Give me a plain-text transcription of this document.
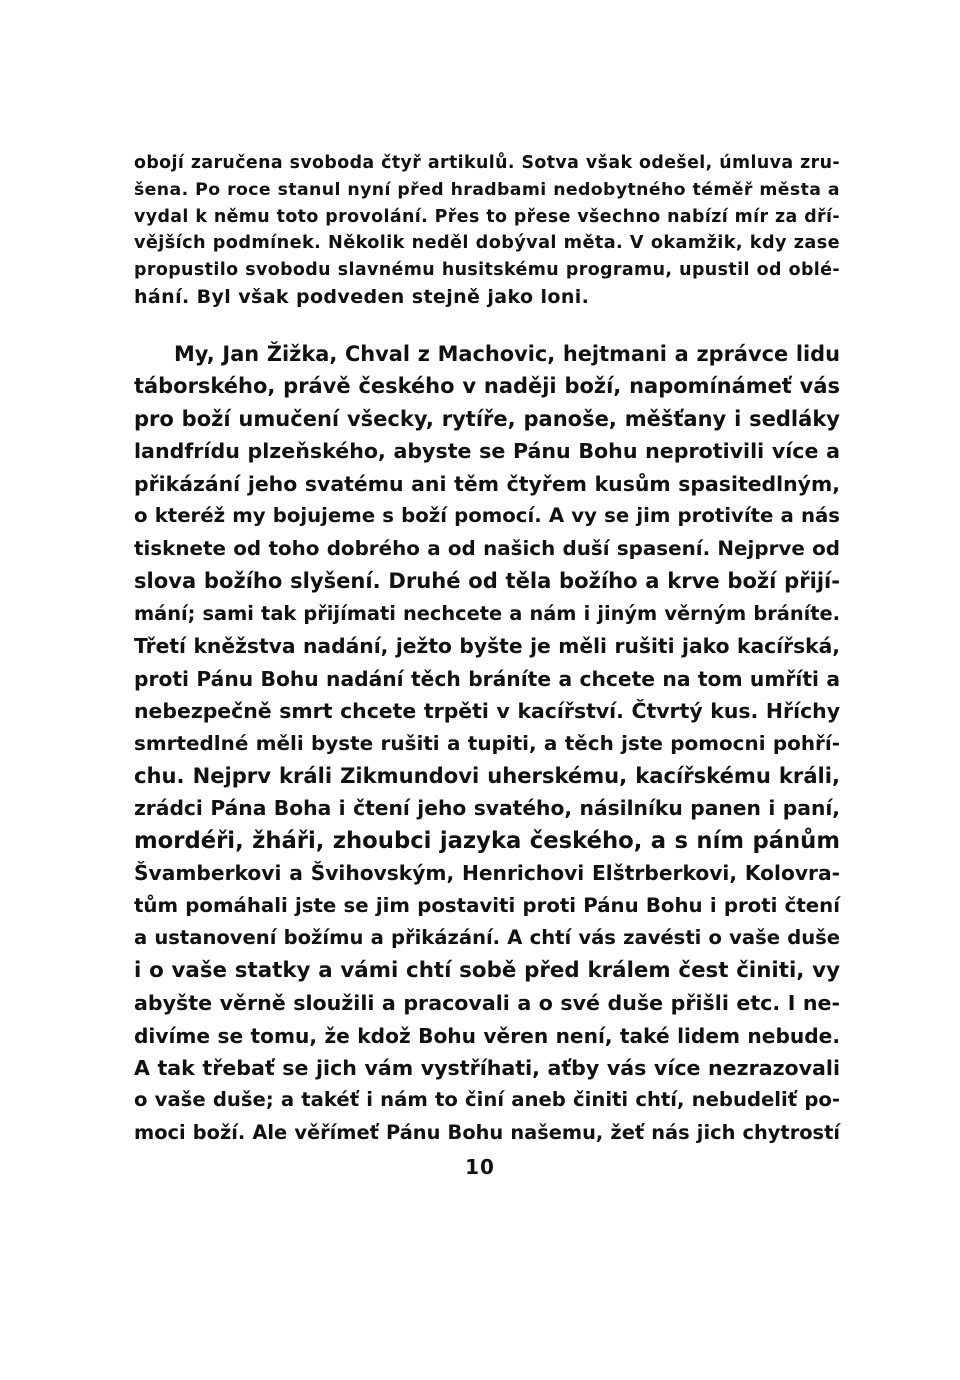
obojí zaručena svoboda čtyř artikulů. Sotva však odešel, úmluva zru-
šena. Po roce stanul nyní před hradbami nedobytného téměř města a
vydal k němu toto provolání. Přes to přese všechno nabízí mír za dří-
vějších podmínek. Několik neděl dobýval měta. V okamžik, kdy zase
propustilo svobodu slavnému husitskému programu, upustil od oblé-
hání. Byl však podveden stejně jako loni.
My, Jan Žižka, Chval z Machovic, hejtmani a zprávce lidu
táborského, právě českého v naději boží, napomínámeť vás
pro boží umučení všecky, rytíře, panoše, měšťany i sedláky
landfrídu plzeňského, abyste se Pánu Bohu neprotivili více a
přikázání jeho svatému ani těm čtyřem kusům spasitedlným,
o kteréž my bojujeme s boží pomocí. A vy se jim protivíte a nás
tisknete od toho dobrého a od našich duší spasení. Nejprve od
slova božího slyšení. Druhé od těla božího a krve boží přijí-
mání; sami tak přijímati nechcete a nám i jiným věrným bráníte.
Třetí kněžstva nadání, ježto byšte je měli rušiti jako kacířská,
proti Pánu Bohu nadání těch bráníte a chcete na tom umříti a
nebezpečně smrt chcete trpěti v kacířství. Čtvrtý kus. Hříchy
smrtedlné měli byste rušiti a tupiti, a těch jste pomocni pohří-
chu. Nejprv králi Zikmundovi uherskému, kacířskému králi,
zrádci Pána Boha i čtení jeho svatého, násilníku panen i paní,
mordéři, žháři, zhoubci jazyka českého, a s ním pánům
Švamberkovi a Švihovským, Henrichovi Elštrberkovi, Kolovra-
tům pomáhali jste se jim postaviti proti Pánu Bohu i proti čtení
a ustanovení božímu a přikázání. A chtí vás zavésti o vaše duše
i o vaše statky a vámi chtí sobě před králem čest činiti, vy
abyšte věrně sloužili a pracovali a o své duše přišli etc. I ne-
divíme se tomu, že kdož Bohu věren není, také lidem nebude.
A tak třebať se jich vám vystříhati, aťby vás více nezrazovali
o vaše duše; a takéť i nám to činí aneb činiti chtí, nebudeliť po-
moci boží. Ale věřímeť Pánu Bohu našemu, žeť nás jich chytrostí
10
